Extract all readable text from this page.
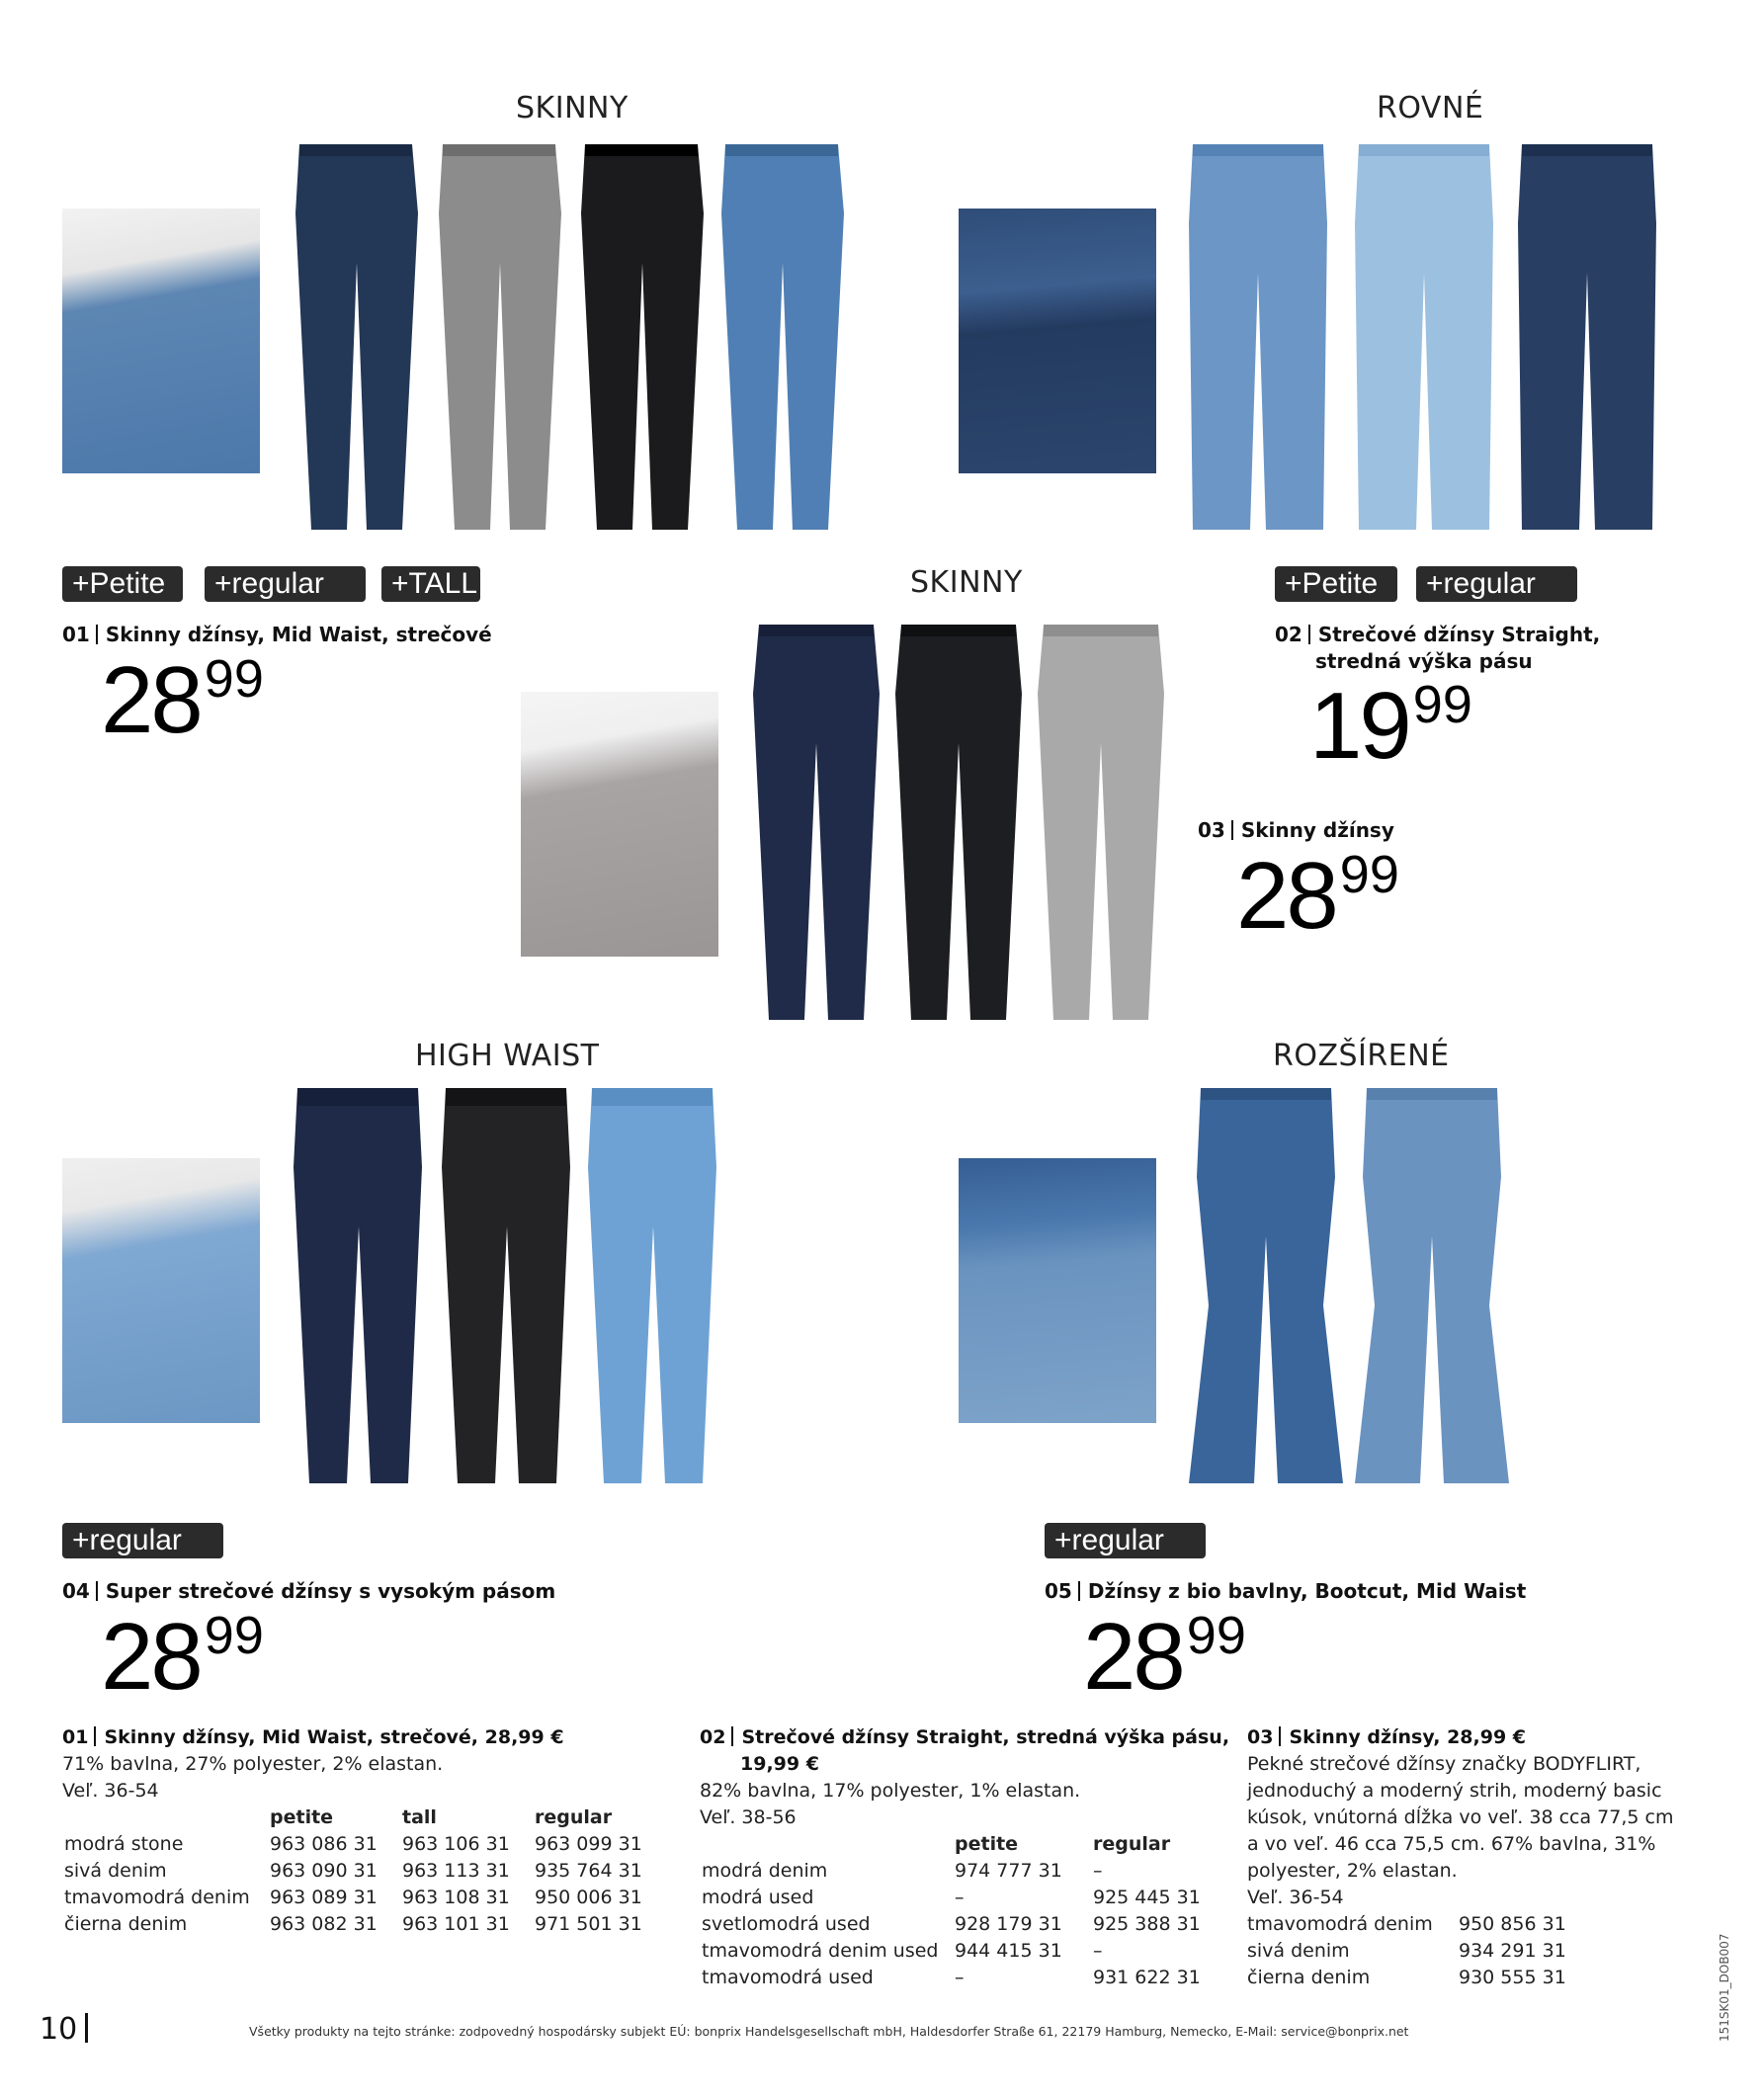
SKINNY	ROVNÉ
SKINNY
HIGH WAIST	ROZŠÍRENÉ
+Petite	+regular	+TALL	+Petite	+regular
+regular	+regular
01 Skinny džínsy, Mid Waist, strečové
2899
02 Strečové džínsy Straight,
stredná výška pásu
1999
03 Skinny džínsy
2899
04 Super strečové džínsy s vysokým pásom
2899
05 Džínsy z bio bavlny, Bootcut, Mid Waist
2899
01 Skinny džínsy, Mid Waist, strečové, 28,99 €
71% bavlna, 27% polyester, 2% elastan.
Veľ. 36-54
	petite	tall	regular
modrá stone	963 086 31	963 106 31	963 099 31
sivá denim	963 090 31	963 113 31	935 764 31
tmavomodrá denim	963 089 31	963 108 31	950 006 31
čierna denim	963 082 31	963 101 31	971 501 31
02 Strečové džínsy Straight, stredná výška pásu,
19,99 €
82% bavlna, 17% polyester, 1% elastan.
Veľ. 38-56
	petite	regular
modrá denim	974 777 31	–
modrá used	–	925 445 31
svetlomodrá used	928 179 31	925 388 31
tmavomodrá denim used	944 415 31	–
tmavomodrá used	–	931 622 31
03 Skinny džínsy, 28,99 €
Pekné strečové džínsy značky BODYFLIRT,
jednoduchý a moderný strih, moderný basic
kúsok, vnútorná dĺžka vo veľ. 38 cca 77,5 cm
a vo veľ. 46 cca 75,5 cm. 67% bavlna, 31%
polyester, 2% elastan.
Veľ. 36-54
tmavomodrá denim	950 856 31
sivá denim	934 291 31
čierna denim	930 555 31
10	Všetky produkty na tejto stránke: zodpovedný hospodársky subjekt EÚ: bonprix Handelsgesellschaft mbH, Haldesdorfer Straße 61, 22179 Hamburg, Nemecko, E-Mail: service@bonprix.net	151SK01_DOB007
